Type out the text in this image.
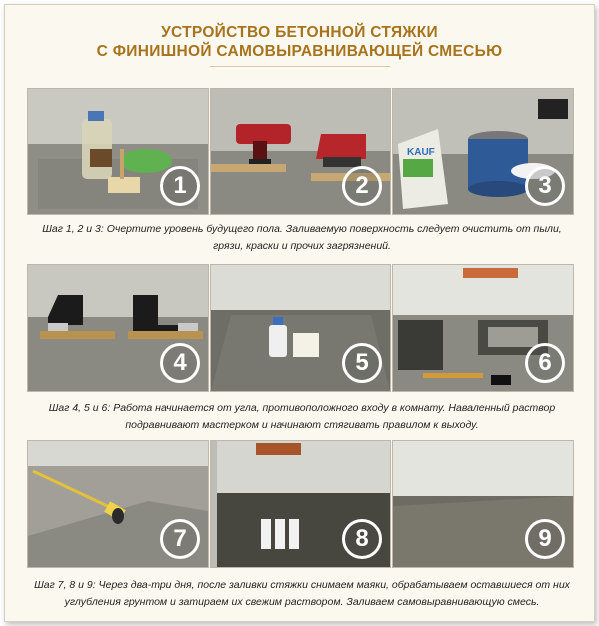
УСТРОЙСТВО БЕТОННОЙ СТЯЖКИ
С ФИНИШНОЙ САМОВЫРАВНИВАЮЩЕЙ СМЕСЬЮ
1	2
KAUF
3
Шаг 1, 2 и 3: Очертите уровень будущего пола. Заливаемую поверхность следует очистить от пыли, грязи, краски и прочих загрязнений.
4	5	6
Шаг 4, 5 и 6: Работа начинается от угла, противоположного входу в комнату. Наваленный раствор подравнивают мастерком и начинают стягивать правилом к выходу.
7	8	9
Шаг 7, 8 и 9: Через два-три дня, после заливки стяжки снимаем маяки, обрабатываем оставшиеся от них углубления грунтом и затираем их свежим раствором. Заливаем самовыравнивающую смесь.
